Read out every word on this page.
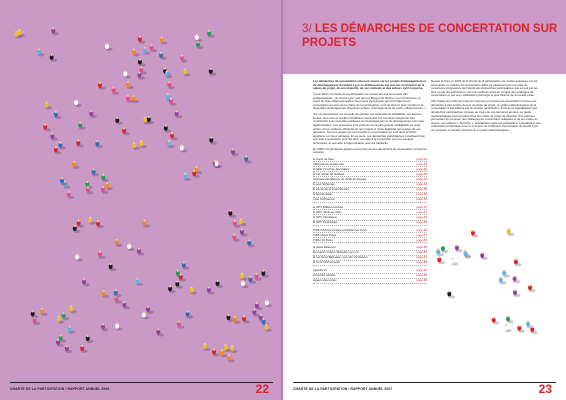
CHARTE DE LA PARTICIPATION / RAPPORT ANNUEL 2006	22
3/ LES DÉMARCHES DE CONCERTATION SUR PROJETS

Les démarches de concertation mises en œuvre sur les projets d'aménagement et de développement du Grand Lyon se définissent au cas par cas en fonction de la nature du projet, de ses objectifs, de son contexte et des acteurs qu'il concerne.

À leur début, la charte de la participation se concernait que les projets dits emblématiques : du Grand Lyon, tels que les Berges du Rhône, Lyon Confluence, le Carré de Soie, Mais aujourd'hui, les projets d'envergure qui font l'objet d'une concertation au sens de la charte de la participation, sont de plus en plus nombreux et diversifiés (aménagement d'espaces publics, aménagements de voirie, infrastructures...).

Sur ces démarches, les conseils de quartier, les associations d'habitants, les acteurs locaux, tout comme nombre d'habitants intéressés ont l'occasion d'apporter leur contribution à de nouvelles politiques de l'aménagement et du développement de notre agglomération. Ces processus sont porteurs d'une plus grande intelligibilité de notre action, d'une meilleure efficacité de nos projets et d'une légitimité renouvelée de nos décisions. Tous les projets qui sont inscrits en concertation en sont ainsi enrichis, améliorés et mieux partagés. En ce sens, ces démarches participatives constituent bien une aide à la décision pour les élus, une aide à la conception pour les équipes techniques, et une aide à l'appropriation pour les habitants.

En 2006, les principaux projets concernés par des démarches de concertation ont été les suivants :

le Carré de Soie	page 24
Villeurbanne Grattie-ciel	page 26
la halle Tronchet-Jean Macé	page 28
projet urbain de Gerland	page 30
l'anneau bleu/Berges du canal de Jonage	page 32
le pont Schuman	page 34
le tunnel de la Croix Rousse	page 36
le Grand stade	page 38
Lyon Confluence	page 40
le GPV Rillieux-la-Pape	page 42
le GPV Vaulx-en-Velin	page 44
le GPV Vénissieux	page 46
le GPV La Duchère	page 48
l'ORU Montrer-rendez-vous/Mermoz Pinel	page 52
l'ORU Saint Priest	page 54
l'ORU Oli Poise	page 56
la place Bellecour	page 58
les places Jutard / Raspail, Lyon 7e	page 60
la rue Henri Barbusse, Lyon 8e Vénissieux	page 61
la zone 30 Presqu'île	page 62
Agenda 21	page 64
ouverture urbaine	page 66
espace des temps	page 68

Depuis la mise en 2003 de la charte de la participation, de réelles avancées ont été accomplies en matière de concertation. Elles se traduisent par une prise de conscience progressive de l'intérêt des démarches participatives que ce soit par les élus ou par les techniciens, par une meilleure prise en compte des stratégies de concertation et par une mobilisation plus large et plus diverse de la société civile.

Afin d'aider les chefs de projet du Grand Lyon à mener la concertation comme une démarche à part entière de leur conduite de projet, un guide méthodologique de la concertation a été élaboré par la mission participation. Fruit de la capitalisation des démarches participatives menées au cours de ces dernières années, ce guide méthodologique permet aujourd'hui aux chefs de projet de disposer d'un outil leur permettant de proposer des stratégies de concertation adaptées et de les mettre en œuvre. Les éditions « Territoire », spécialisées dans les publications à destination des collectivités territoriales avec le concours de la Mission Concertation du Grand Lyon, ont proposé un dossier d'experts & un guide méthodologique.

CHARTE DE LA PARTICIPATION / RAPPORT ANNUEL 2007	23
